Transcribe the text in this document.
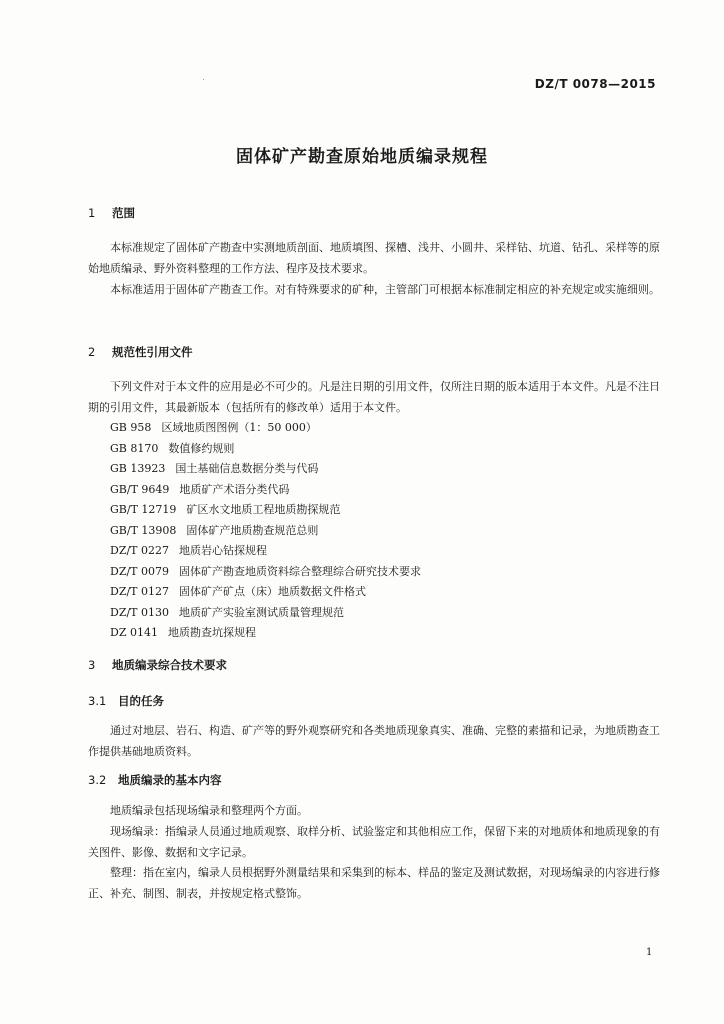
DZ/T 0078—2015
固体矿产勘查原始地质编录规程
1 范围
本标准规定了固体矿产勘查中实测地质剖面、地质填图、探槽、浅井、小圆井、采样钻、坑道、钻孔、采样等的原始地质编录、野外资料整理的工作方法、程序及技术要求。
本标准适用于固体矿产勘查工作。对有特殊要求的矿种，主管部门可根据本标准制定相应的补充规定或实施细则。
2 规范性引用文件
下列文件对于本文件的应用是必不可少的。凡是注日期的引用文件，仅所注日期的版本适用于本文件。凡是不注日期的引用文件，其最新版本（包括所有的修改单）适用于本文件。
GB 958 区域地质图图例（1：50 000）
GB 8170 数值修约规则
GB 13923 国土基础信息数据分类与代码
GB/T 9649 地质矿产术语分类代码
GB/T 12719 矿区水文地质工程地质勘探规范
GB/T 13908 固体矿产地质勘查规范总则
DZ/T 0227 地质岩心钻探规程
DZ/T 0079 固体矿产勘查地质资料综合整理综合研究技术要求
DZ/T 0127 固体矿产矿点（床）地质数据文件格式
DZ/T 0130 地质矿产实验室测试质量管理规范
DZ 0141 地质勘查坑探规程
3 地质编录综合技术要求
3.1 目的任务
通过对地层、岩石、构造、矿产等的野外观察研究和各类地质现象真实、准确、完整的素描和记录，为地质勘查工作提供基础地质资料。
3.2 地质编录的基本内容
地质编录包括现场编录和整理两个方面。
现场编录：指编录人员通过地质观察、取样分析、试验鉴定和其他相应工作，保留下来的对地质体和地质现象的有关图件、影像、数据和文字记录。
整理：指在室内，编录人员根据野外测量结果和采集到的标本、样品的鉴定及测试数据，对现场编录的内容进行修正、补充、制图、制表，并按规定格式整饰。
1
